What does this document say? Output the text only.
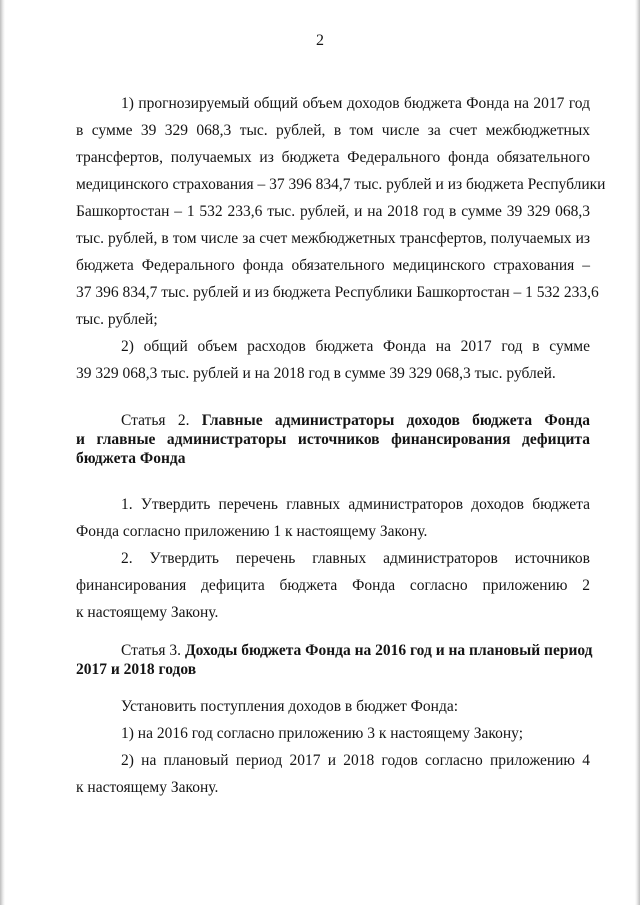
2
1) прогнозируемый общий объем доходов бюджета Фонда на 2017 год
в сумме 39 329 068,3 тыс. рублей, в том числе за счет межбюджетных
трансфертов, получаемых из бюджета Федерального фонда обязательного
медицинского страхования – 37 396 834,7 тыс. рублей и из бюджета Республики
Башкортостан – 1 532 233,6 тыс. рублей, и на 2018 год в сумме 39 329 068,3
тыс. рублей, в том числе за счет межбюджетных трансфертов, получаемых из
бюджета Федерального фонда обязательного медицинского страхования –
37 396 834,7 тыс. рублей и из бюджета Республики Башкортостан – 1 532 233,6
тыс. рублей;
2) общий объем расходов бюджета Фонда на 2017 год в сумме
39 329 068,3 тыс. рублей и на 2018 год в сумме 39 329 068,3 тыс. рублей.
Статья 2. Главные администраторы доходов бюджета Фонда
и главные администраторы источников финансирования дефицита
бюджета Фонда
1. Утвердить перечень главных администраторов доходов бюджета
Фонда согласно приложению 1 к настоящему Закону.
2. Утвердить перечень главных администраторов источников
финансирования дефицита бюджета Фонда согласно приложению 2
к настоящему Закону.
Статья 3. Доходы бюджета Фонда на 2016 год и на плановый период
2017 и 2018 годов
Установить поступления доходов в бюджет Фонда:
1) на 2016 год согласно приложению 3 к настоящему Закону;
2) на плановый период 2017 и 2018 годов согласно приложению 4
к настоящему Закону.
